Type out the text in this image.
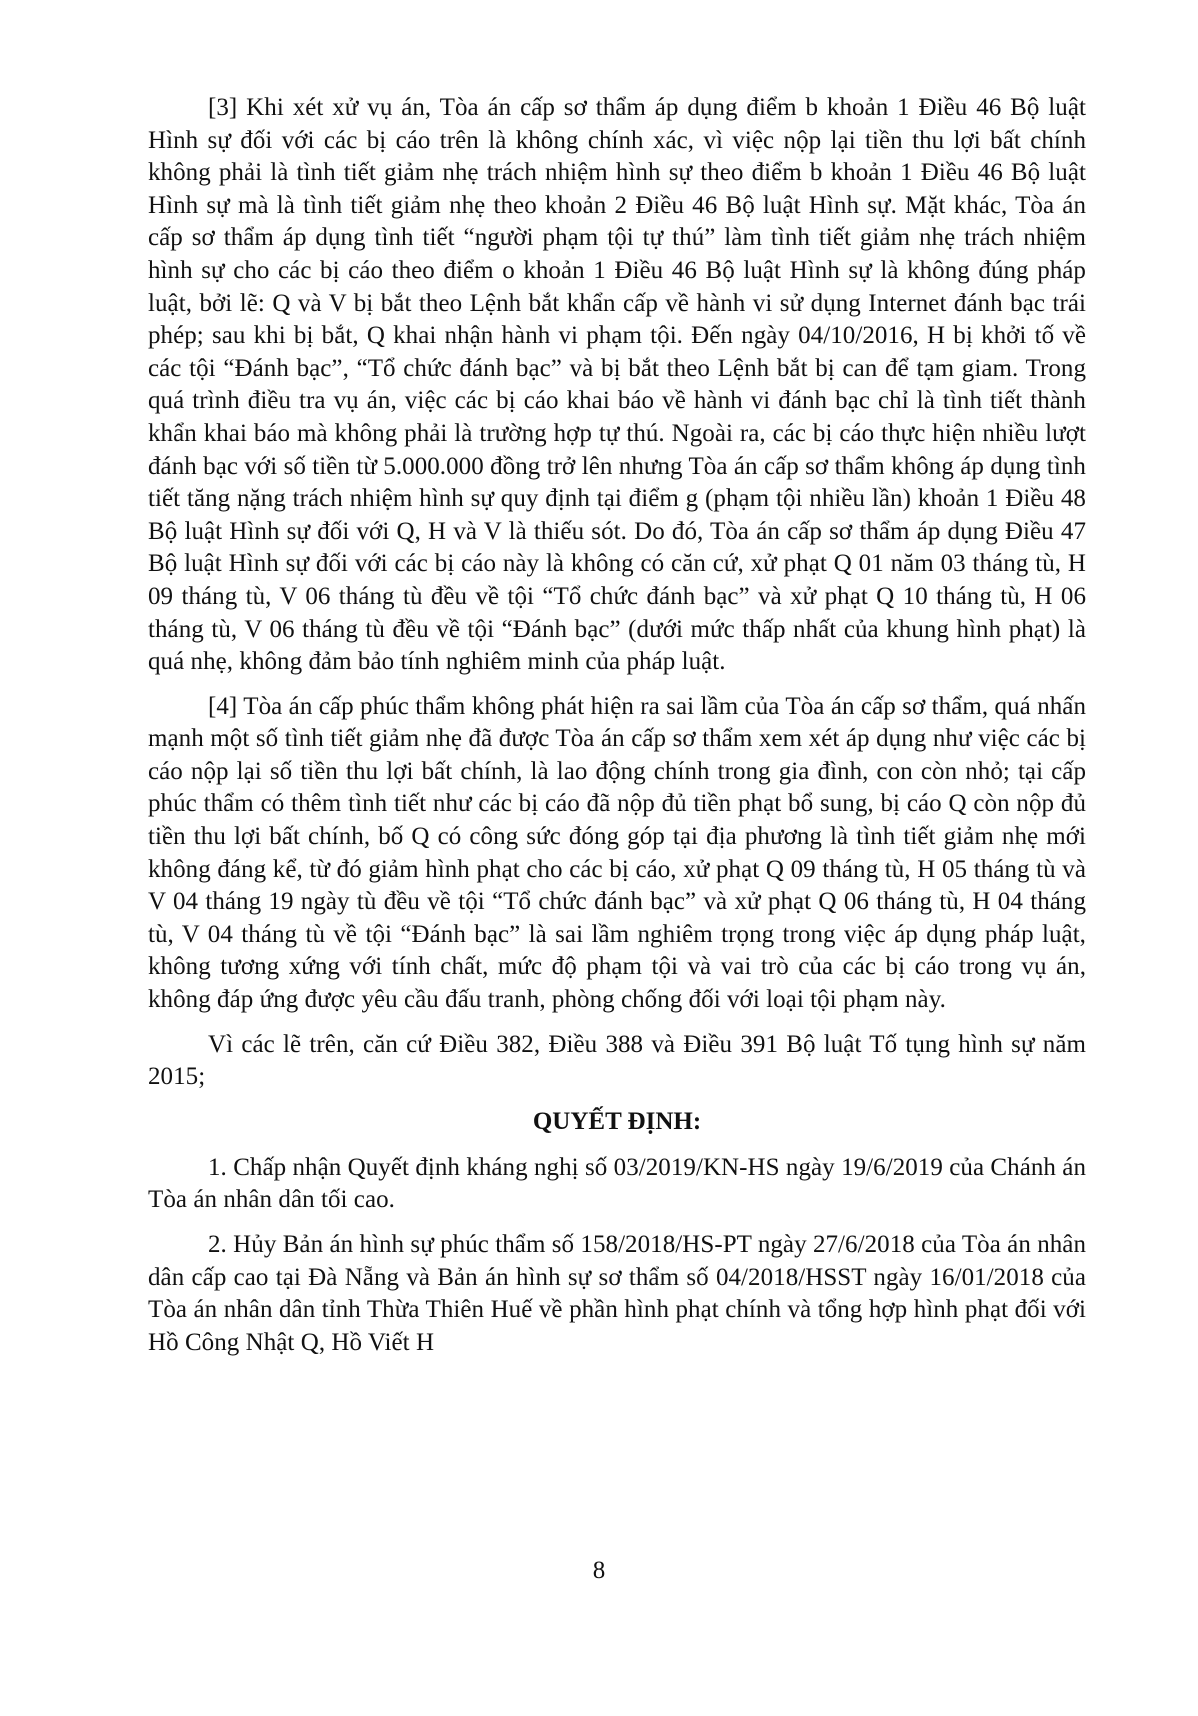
[3] Khi xét xử vụ án, Tòa án cấp sơ thẩm áp dụng điểm b khoản 1 Điều 46 Bộ luật Hình sự đối với các bị cáo trên là không chính xác, vì việc nộp lại tiền thu lợi bất chính không phải là tình tiết giảm nhẹ trách nhiệm hình sự theo điểm b khoản 1 Điều 46 Bộ luật Hình sự mà là tình tiết giảm nhẹ theo khoản 2 Điều 46 Bộ luật Hình sự. Mặt khác, Tòa án cấp sơ thẩm áp dụng tình tiết “người phạm tội tự thú” làm tình tiết giảm nhẹ trách nhiệm hình sự cho các bị cáo theo điểm o khoản 1 Điều 46 Bộ luật Hình sự là không đúng pháp luật, bởi lẽ: Q và V bị bắt theo Lệnh bắt khẩn cấp về hành vi sử dụng Internet đánh bạc trái phép; sau khi bị bắt, Q khai nhận hành vi phạm tội. Đến ngày 04/10/2016, H bị khởi tố về các tội “Đánh bạc”, “Tổ chức đánh bạc” và bị bắt theo Lệnh bắt bị can để tạm giam. Trong quá trình điều tra vụ án, việc các bị cáo khai báo về hành vi đánh bạc chỉ là tình tiết thành khẩn khai báo mà không phải là trường hợp tự thú. Ngoài ra, các bị cáo thực hiện nhiều lượt đánh bạc với số tiền từ 5.000.000 đồng trở lên nhưng Tòa án cấp sơ thẩm không áp dụng tình tiết tăng nặng trách nhiệm hình sự quy định tại điểm g (phạm tội nhiều lần) khoản 1 Điều 48 Bộ luật Hình sự đối với Q, H và V là thiếu sót. Do đó, Tòa án cấp sơ thẩm áp dụng Điều 47 Bộ luật Hình sự đối với các bị cáo này là không có căn cứ, xử phạt Q 01 năm 03 tháng tù, H 09 tháng tù, V 06 tháng tù đều về tội “Tổ chức đánh bạc” và xử phạt Q 10 tháng tù, H 06 tháng tù, V 06 tháng tù đều về tội “Đánh bạc” (dưới mức thấp nhất của khung hình phạt) là quá nhẹ, không đảm bảo tính nghiêm minh của pháp luật.

[4] Tòa án cấp phúc thẩm không phát hiện ra sai lầm của Tòa án cấp sơ thẩm, quá nhấn mạnh một số tình tiết giảm nhẹ đã được Tòa án cấp sơ thẩm xem xét áp dụng như việc các bị cáo nộp lại số tiền thu lợi bất chính, là lao động chính trong gia đình, con còn nhỏ; tại cấp phúc thẩm có thêm tình tiết như các bị cáo đã nộp đủ tiền phạt bổ sung, bị cáo Q còn nộp đủ tiền thu lợi bất chính, bố Q có công sức đóng góp tại địa phương là tình tiết giảm nhẹ mới không đáng kể, từ đó giảm hình phạt cho các bị cáo, xử phạt Q 09 tháng tù, H 05 tháng tù và V 04 tháng 19 ngày tù đều về tội “Tổ chức đánh bạc” và xử phạt Q 06 tháng tù, H 04 tháng tù, V 04 tháng tù về tội “Đánh bạc” là sai lầm nghiêm trọng trong việc áp dụng pháp luật, không tương xứng với tính chất, mức độ phạm tội và vai trò của các bị cáo trong vụ án, không đáp ứng được yêu cầu đấu tranh, phòng chống đối với loại tội phạm này.

Vì các lẽ trên, căn cứ Điều 382, Điều 388 và Điều 391 Bộ luật Tố tụng hình sự năm 2015;

QUYẾT ĐỊNH:

1. Chấp nhận Quyết định kháng nghị số 03/2019/KN-HS ngày 19/6/2019 của Chánh án Tòa án nhân dân tối cao.

2. Hủy Bản án hình sự phúc thẩm số 158/2018/HS-PT ngày 27/6/2018 của Tòa án nhân dân cấp cao tại Đà Nẵng và Bản án hình sự sơ thẩm số 04/2018/HSST ngày 16/01/2018 của Tòa án nhân dân tỉnh Thừa Thiên Huế về phần hình phạt chính và tổng hợp hình phạt đối với Hồ Công Nhật Q, Hồ Viết H

8
